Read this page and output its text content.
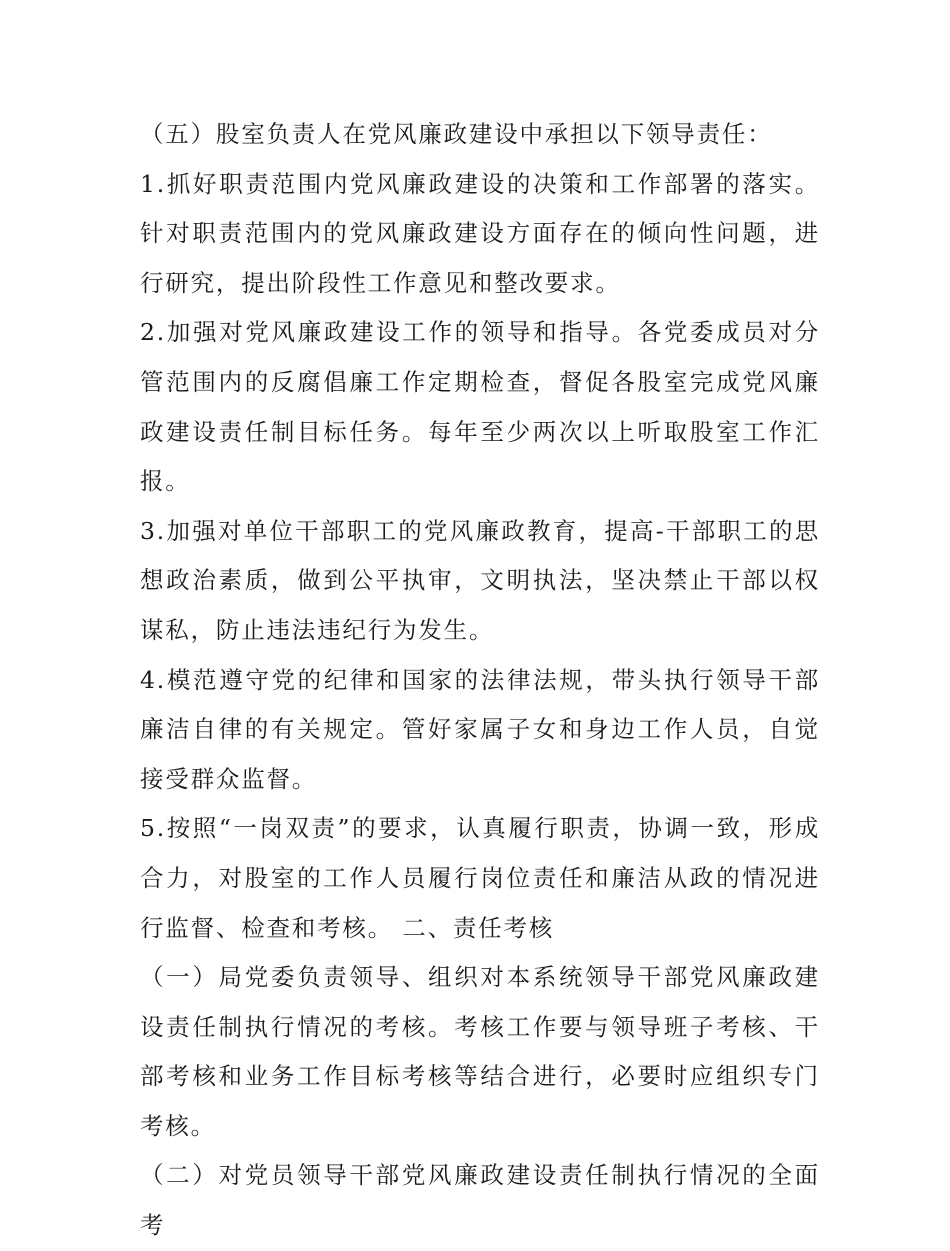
（五）股室负责人在党风廉政建设中承担以下领导责任：

1.抓好职责范围内党风廉政建设的决策和工作部署的落实。针对职责范围内的党风廉政建设方面存在的倾向性问题，进行研究，提出阶段性工作意见和整改要求。

2.加强对党风廉政建设工作的领导和指导。各党委成员对分管范围内的反腐倡廉工作定期检查，督促各股室完成党风廉政建设责任制目标任务。每年至少两次以上听取股室工作汇报。

3.加强对单位干部职工的党风廉政教育，提高-干部职工的思想政治素质，做到公平执审，文明执法，坚决禁止干部以权谋私，防止违法违纪行为发生。

4.模范遵守党的纪律和国家的法律法规，带头执行领导干部廉洁自律的有关规定。管好家属子女和身边工作人员，自觉接受群众监督。

5.按照“一岗双责”的要求，认真履行职责，协调一致，形成合力，对股室的工作人员履行岗位责任和廉洁从政的情况进行监督、检查和考核。 二、责任考核

（一）局党委负责领导、组织对本系统领导干部党风廉政建设责任制执行情况的考核。考核工作要与领导班子考核、干部考核和业务工作目标考核等结合进行，必要时应组织专门考核。

（二）对党员领导干部党风廉政建设责任制执行情况的全面考
